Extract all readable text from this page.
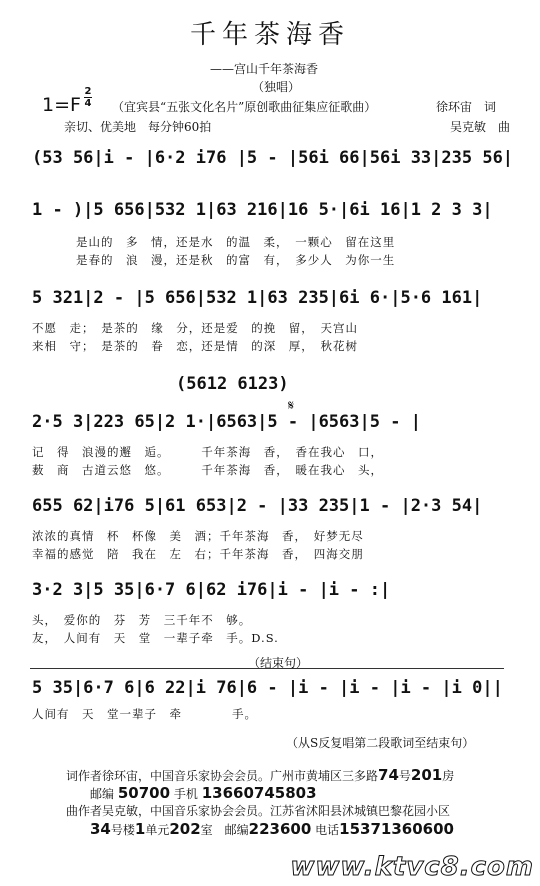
千年茶海香
——宫山千年茶海香
（独唱）
1=F
2
4 （宜宾县“五张文化名片”原创歌曲征集应征歌曲）	徐环宙　词
亲切、优美地　每分钟60拍	吴克敏　曲
(53 56|i - |6·2 i76 |5 - |56i 66|56i 33|235 56|
1 - )|5 656|532 1|63 216|16 5·|6i 16|1 2 3 3|
是山的　多　情，还是水　的温　柔，　一颗心　留在这里
是春的　浪　漫，还是秋　的富　有，　多少人　为你一生
5 321|2 - |5 656|532 1|63 235|6i 6·|5·6 161|
不愿　走；　是茶的　缘　分，还是爱　的挽　留，　天宫山
来相　守；　是茶的　眷　恋，还是情　的深　厚，　秋花树
(5612 6123)
𝄋
2·5 3|223 65|2 1·|6563|5 - |6563|5 - |
记　得　浪漫的邂　逅。　　　千年茶海　香，　香在我心　口，
薮　商　古道云悠　悠。　　　千年茶海　香，　暖在我心　头，
655 62|i76 5|61 653|2 - |33 235|1 - |2·3 54|
浓浓的真情　杯　杯像　美　酒；千年茶海　香，　好梦无尽
幸福的感觉　陪　我在　左　右；千年茶海　香，　四海交朋
3·2 3|5 35|6·7 6|62 i76|i - |i - :|
头，　爱你的　芬　芳　三千年不　够。
友，　人间有　天　堂　一辈子牵　手。D.S.
（结束句）
5 35|6·7 6|6 22|i 76|6 - |i - |i - |i - |i 0||
人间有　天　堂一辈子　牵　　　　手。
（从S反复唱第二段歌词至结束句）
词作者徐环宙，中国音乐家协会会员。广州市黄埔区三多路74号201房
邮编 50700 手机 13660745803
曲作者吴克敏，中国音乐家协会会员。江苏省沭阳县沭城镇巴黎花园小区
34号楼1单元202室　邮编223600 电话15371360600
www.ktvc8.com
